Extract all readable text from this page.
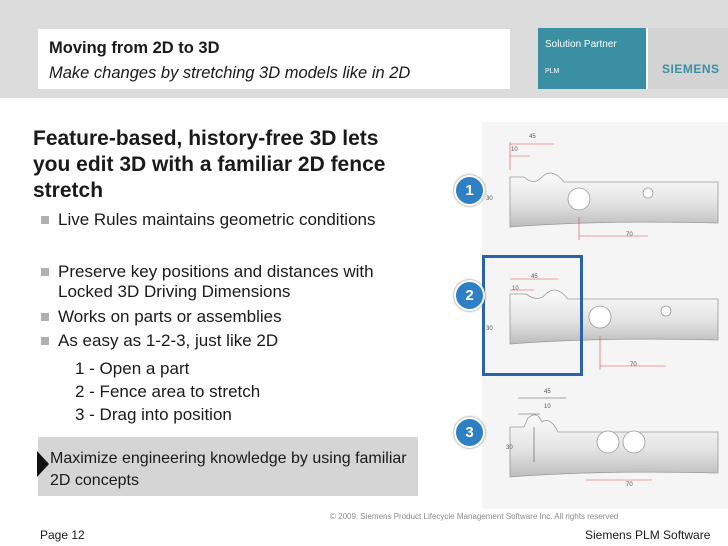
Moving from 2D to 3D
Make changes by stretching 3D models like in 2D
Solution Partner
PLM	SIEMENS
Feature-based, history-free 3D lets you edit 3D with a familiar 2D fence stretch
Live Rules maintains geometric conditions
Preserve key positions and distances with Locked 3D Driving Dimensions
Works on parts or assemblies
As easy as 1-2-3, just like 2D
1 - Open a part
2 - Fence area to stretch
3 - Drag into position
Maximize engineering knowledge by using familiar 2D concepts
45
10
30
70
45
10
30
70
45
10
30
70
1
2
3
© 2009. Siemens Product Lifecycle Management Software Inc. All rights reserved
Page 12	Siemens PLM Software
